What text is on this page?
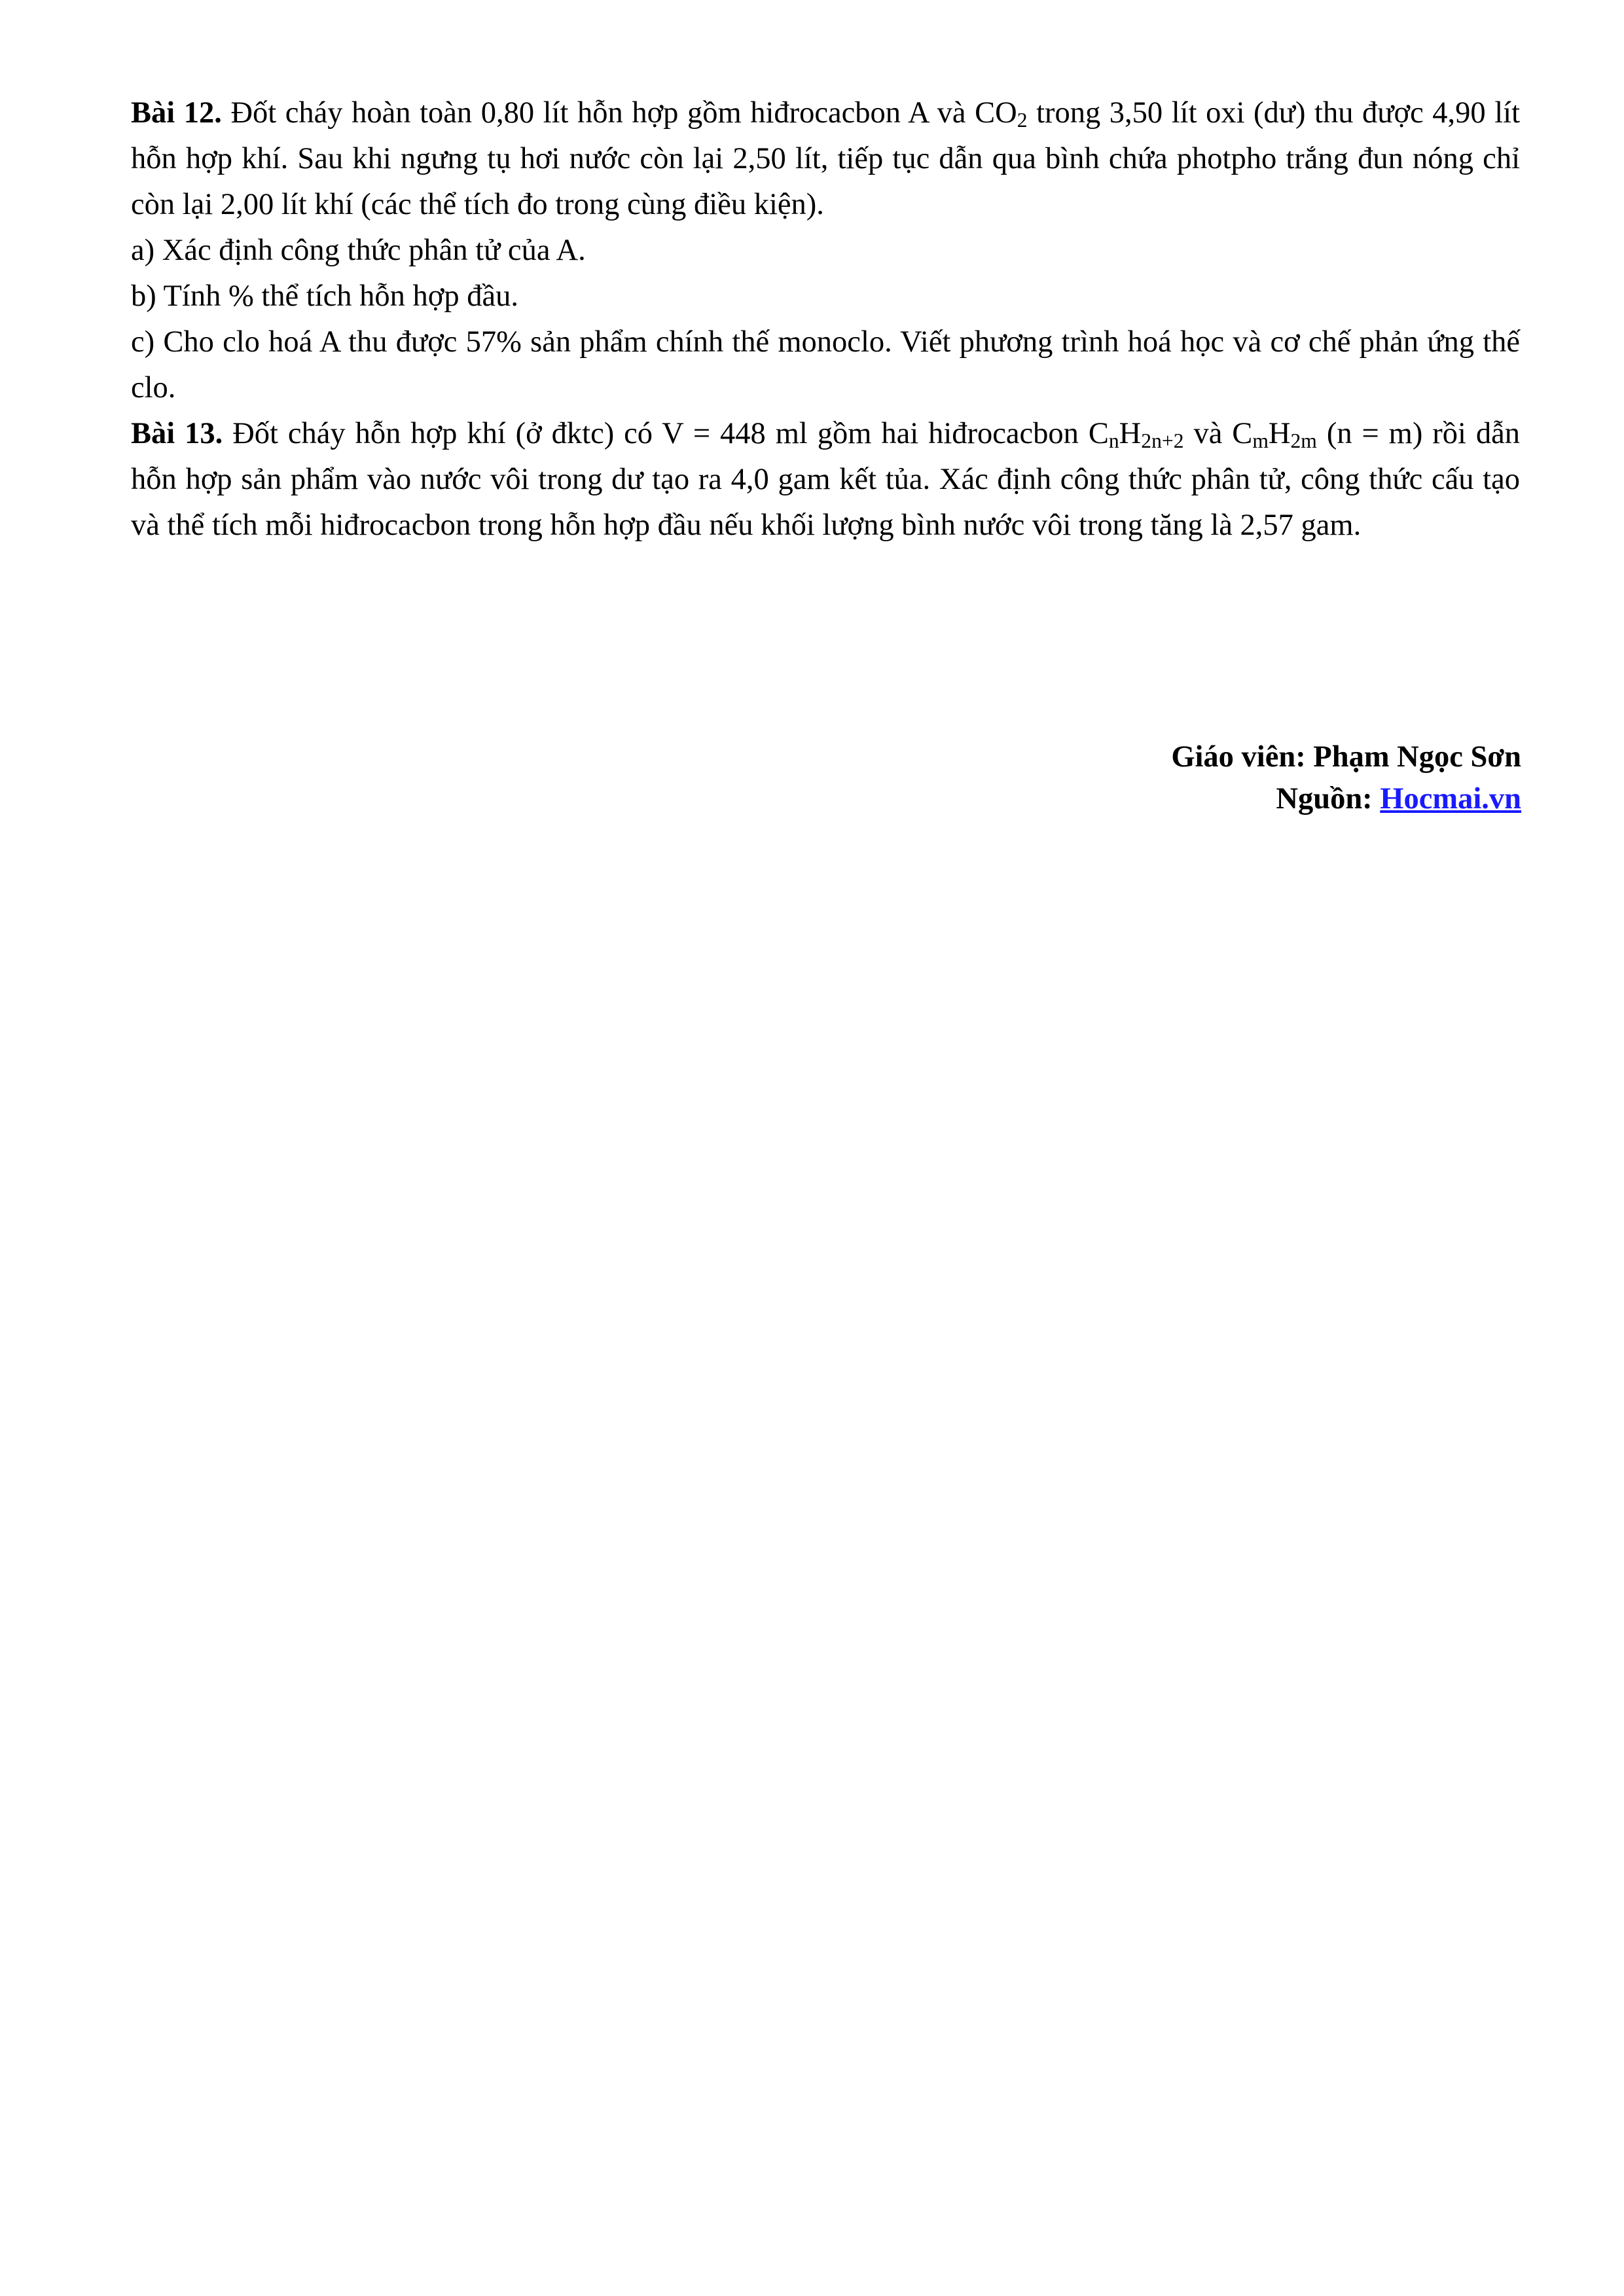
Bài 12. Đốt cháy hoàn toàn 0,80 lít hỗn hợp gồm hiđrocacbon A và $CO_2$ trong 3,50 lít oxi (dư) thu được 4,90 lít hỗn hợp khí. Sau khi ngưng tụ hơi nước còn lại 2,50 lít, tiếp tục dẫn qua bình chứa photpho trắng đun nóng chỉ còn lại 2,00 lít khí (các thể tích đo trong cùng điều kiện).

a) Xác định công thức phân tử của A.

b) Tính % thể tích hỗn hợp đầu.

c) Cho clo hoá A thu được 57% sản phẩm chính thế monoclo. Viết phương trình hoá học và cơ chế phản ứng thế clo.

Bài 13. Đốt cháy hỗn hợp khí (ở đktc) có V = 448 ml gồm hai hiđrocacbon $C_nH_{2n+2}$ và $C_mH_{2m}$ (n = m) rồi dẫn hỗn hợp sản phẩm vào nước vôi trong dư tạo ra 4,0 gam kết tủa. Xác định công thức phân tử, công thức cấu tạo và thể tích mỗi hiđrocacbon trong hỗn hợp đầu nếu khối lượng bình nước vôi trong tăng là 2,57 gam.

Giáo viên: Phạm Ngọc Sơn
Nguồn: Hocmai.vn
